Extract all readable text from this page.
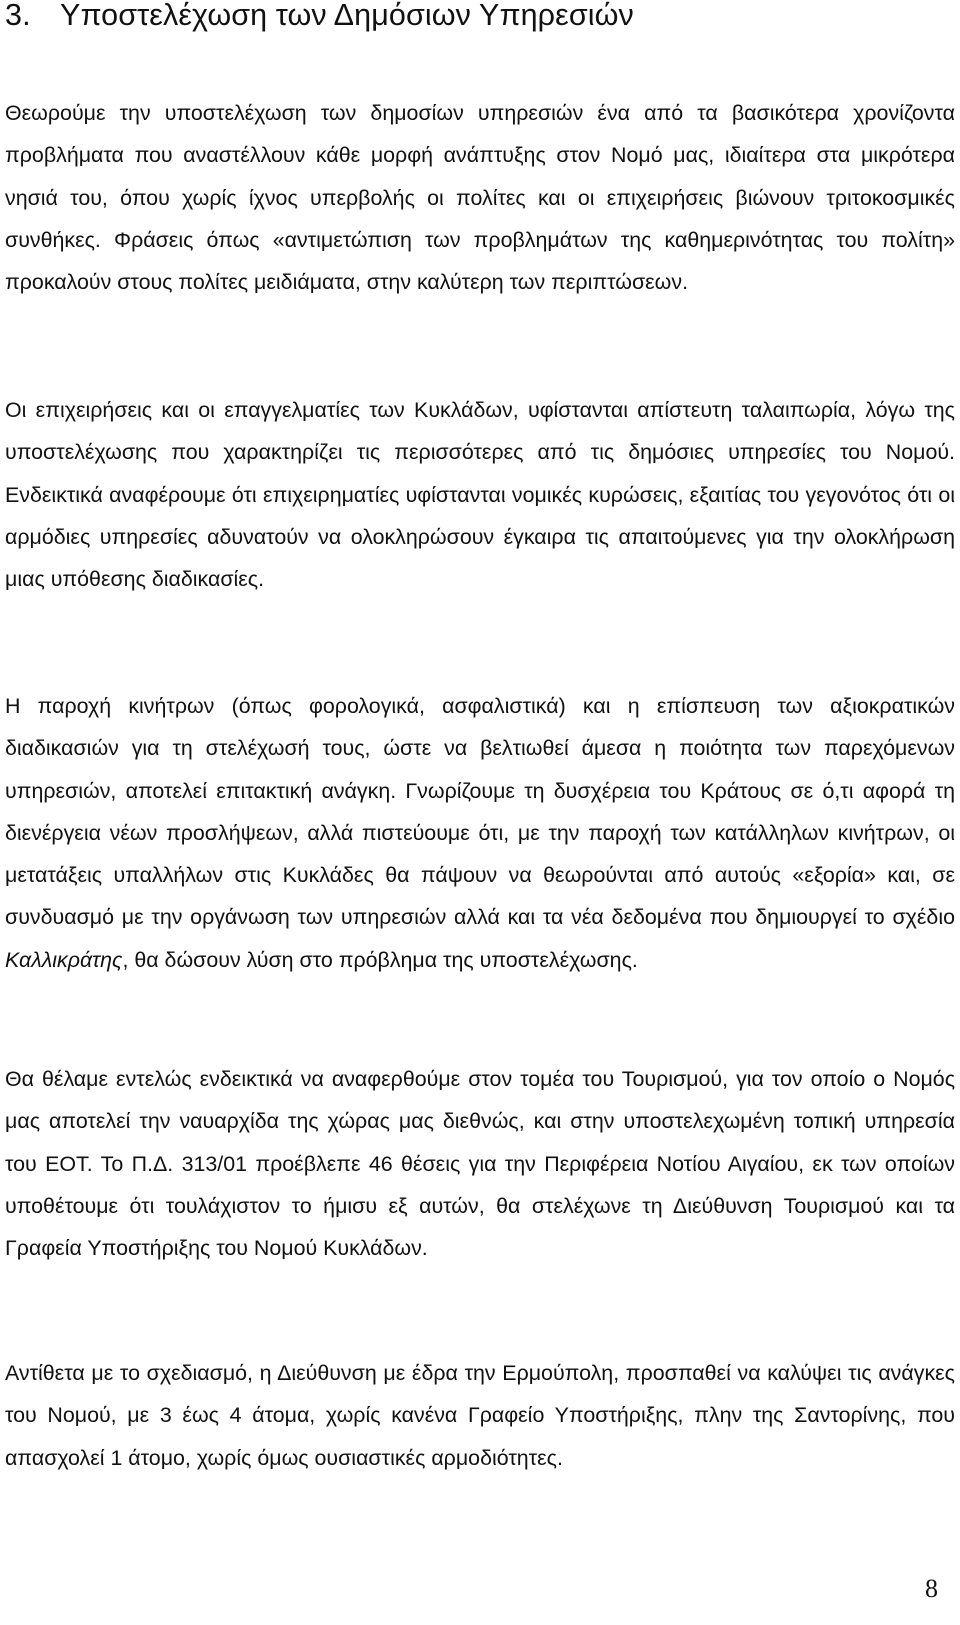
3. Υποστελέχωση των Δημόσιων Υπηρεσιών

Θεωρούμε την υποστελέχωση των δημοσίων υπηρεσιών ένα από τα βασικότερα χρονίζοντα προβλήματα που αναστέλλουν κάθε μορφή ανάπτυξης στον Νομό μας, ιδιαίτερα στα μικρότερα νησιά του, όπου χωρίς ίχνος υπερβολής οι πολίτες και οι επιχειρήσεις βιώνουν τριτοκοσμικές συνθήκες. Φράσεις όπως «αντιμετώπιση των προβλημάτων της καθημερινότητας του πολίτη» προκαλούν στους πολίτες μειδιάματα, στην καλύτερη των περιπτώσεων.

Οι επιχειρήσεις και οι επαγγελματίες των Κυκλάδων, υφίστανται απίστευτη ταλαιπωρία, λόγω της υποστελέχωσης που χαρακτηρίζει τις περισσότερες από τις δημόσιες υπηρεσίες του Νομού. Ενδεικτικά αναφέρουμε ότι επιχειρηματίες υφίστανται νομικές κυρώσεις, εξαιτίας του γεγονότος ότι οι αρμόδιες υπηρεσίες αδυνατούν να ολοκληρώσουν έγκαιρα τις απαιτούμενες για την ολοκλήρωση μιας υπόθεσης διαδικασίες.

Η παροχή κινήτρων (όπως φορολογικά, ασφαλιστικά) και η επίσπευση των αξιοκρατικών διαδικασιών για τη στελέχωσή τους, ώστε να βελτιωθεί άμεσα η ποιότητα των παρεχόμενων υπηρεσιών, αποτελεί επιτακτική ανάγκη. Γνωρίζουμε τη δυσχέρεια του Κράτους σε ό,τι αφορά τη διενέργεια νέων προσλήψεων, αλλά πιστεύουμε ότι, με την παροχή των κατάλληλων κινήτρων, οι μετατάξεις υπαλλήλων στις Κυκλάδες θα πάψουν να θεωρούνται από αυτούς «εξορία» και, σε συνδυασμό με την οργάνωση των υπηρεσιών αλλά και τα νέα δεδομένα που δημιουργεί το σχέδιο Καλλικράτης, θα δώσουν λύση στο πρόβλημα της υποστελέχωσης.

Θα θέλαμε εντελώς ενδεικτικά να αναφερθούμε στον τομέα του Τουρισμού, για τον οποίο ο Νομός μας αποτελεί την ναυαρχίδα της χώρας μας διεθνώς, και στην υποστελεχωμένη τοπική υπηρεσία του ΕΟΤ. Το Π.Δ. 313/01 προέβλεπε 46 θέσεις για την Περιφέρεια Νοτίου Αιγαίου, εκ των οποίων υποθέτουμε ότι τουλάχιστον το ήμισυ εξ αυτών, θα στελέχωνε τη Διεύθυνση Τουρισμού και τα Γραφεία Υποστήριξης του Νομού Κυκλάδων.

Αντίθετα με το σχεδιασμό, η Διεύθυνση με έδρα την Ερμούπολη, προσπαθεί να καλύψει τις ανάγκες του Νομού, με 3 έως 4 άτομα, χωρίς κανένα Γραφείο Υποστήριξης, πλην της Σαντορίνης, που απασχολεί 1 άτομο, χωρίς όμως ουσιαστικές αρμοδιότητες.

8
